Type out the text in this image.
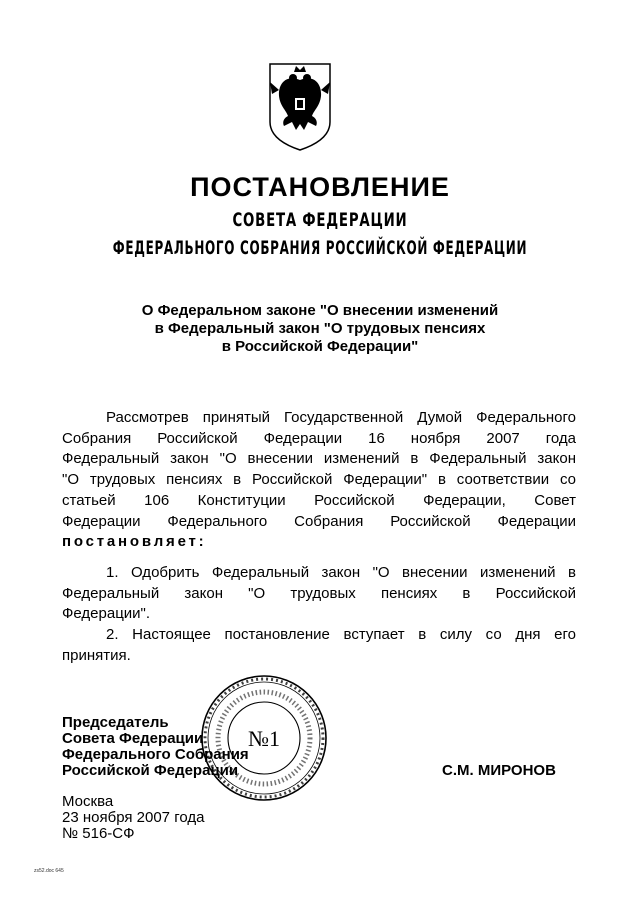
ПОСТАНОВЛЕНИЕ
СОВЕТА ФЕДЕРАЦИИ
ФЕДЕРАЛЬНОГО СОБРАНИЯ РОССИЙСКОЙ ФЕДЕРАЦИИ
О Федеральном законе "О внесении изменений
в Федеральный закон "О трудовых пенсиях
в Российской Федерации"
Рассмотрев принятый Государственной Думой Федерального
Собрания Российской Федерации 16 ноября 2007 года
Федеральный закон "О внесении изменений в Федеральный закон
"О трудовых пенсиях в Российской Федерации" в соответствии со
статьей 106 Конституции Российской Федерации, Совет
Федерации Федерального Собрания Российской Федерации
постановляет:
1. Одобрить Федеральный закон "О внесении изменений в
Федеральный закон "О трудовых пенсиях в Российской
Федерации".
2. Настоящее постановление вступает в силу со дня его
принятия.
№1
Председатель
Совета Федерации
Федерального Собрания
Российской Федерации	С.М. МИРОНОВ
Москва
23 ноября 2007 года
№ 516-СФ
zs52.doc 645
